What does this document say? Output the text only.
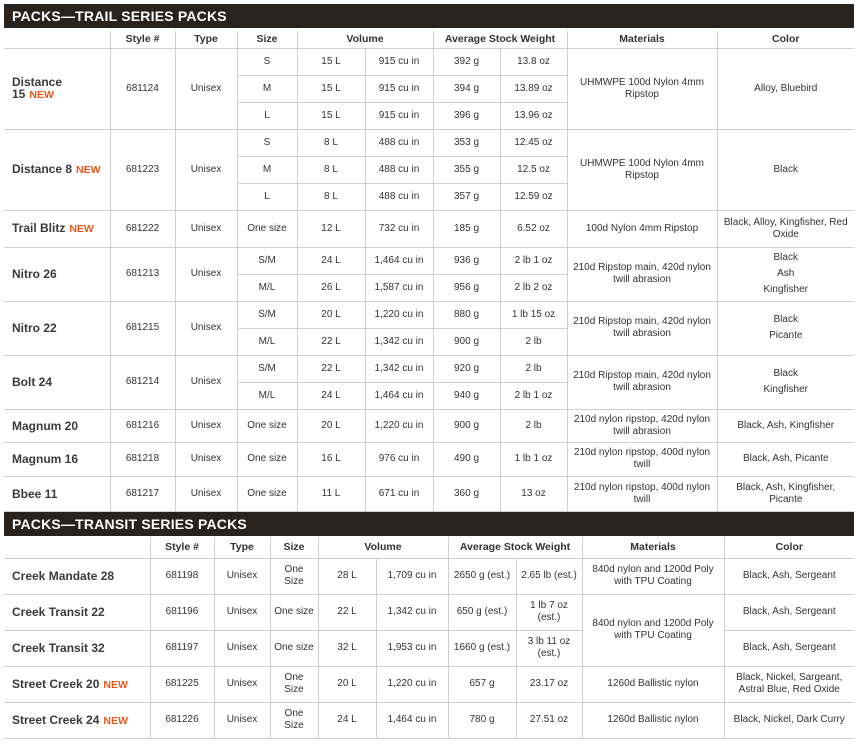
PACKS—TRAIL SERIES PACKS
	Style #	Type	Size	Volume		Average Stock Weight		Materials	Color
Distance 15 NEW	681124	Unisex	S	15 L	915 cu in	392 g	13.8 oz	UHMWPE 100d Nylon 4mm Ripstop	Alloy, Bluebird
			M	15 L	915 cu in	394 g	13.89 oz		
			L	15 L	915 cu in	396 g	13.96 oz		
Distance 8 NEW	681223	Unisex	S	8 L	488 cu in	353 g	12.45 oz	UHMWPE 100d Nylon 4mm Ripstop	Black
			M	8 L	488 cu in	355 g	12.5 oz		
			L	8 L	488 cu in	357 g	12.59 oz		
Trail Blitz NEW	681222	Unisex	One size	12 L	732 cu in	185 g	6.52 oz	100d Nylon 4mm Ripstop	Black, Alloy, Kingfisher, Red Oxide
Nitro 26	681213	Unisex	S/M	24 L	1,464 cu in	936 g	2 lb 1 oz	210d Ripstop main, 420d nylon twill abrasion	Black
Ash
Kingfisher

			M/L	26 L	1,587 cu in	956 g	2 lb 2 oz		
Nitro 22	681215	Unisex	S/M	20 L	1,220 cu in	880 g	1 lb 15 oz	210d Ripstop main, 420d nylon twill abrasion	Black
Picante

			M/L	22 L	1,342 cu in	900 g	2 lb		
Bolt 24	681214	Unisex	S/M	22 L	1,342 cu in	920 g	2 lb	210d Ripstop main, 420d nylon twill abrasion	Black
Kingfisher

			M/L	24 L	1,464 cu in	940 g	2 lb 1 oz		
Magnum 20	681216	Unisex	One size	20 L	1,220 cu in	900 g	2 lb	210d nylon ripstop, 420d nylon twill abrasion	Black, Ash, Kingfisher
Magnum 16	681218	Unisex	One size	16 L	976 cu in	490 g	1 lb 1 oz	210d nylon ripstop, 400d nylon twill	Black, Ash, Picante
Bbee 11	681217	Unisex	One size	11 L	671 cu in	360 g	13 oz	210d nylon ripstop, 400d nylon twill	Black, Ash, Kingfisher, Picante
PACKS—TRANSIT SERIES PACKS
	Style #	Type	Size	Volume		Average Stock Weight		Materials	Color
Creek Mandate 28	681198	Unisex	One Size	28 L	1,709 cu in	2650 g (est.)	2.65 lb (est.)	840d nylon and 1200d Poly with TPU Coating	Black, Ash, Sergeant
Creek Transit 22	681196	Unisex	One size	22 L	1,342 cu in	650 g (est.)	1 lb 7 oz (est.)	840d nylon and 1200d Poly with TPU Coating	Black, Ash, Sergeant
Creek Transit 32	681197	Unisex	One size	32 L	1,953 cu in	1660 g (est.)	3 lb 11 oz (est.)		Black, Ash, Sergeant
Street Creek 20 NEW	681225	Unisex	One Size	20 L	1,220 cu in	657 g	23.17 oz	1260d Ballistic nylon	Black, Nickel, Sargeant, Astral Blue, Red Oxide
Street Creek 24 NEW	681226	Unisex	One Size	24 L	1,464 cu in	780 g	27.51 oz	1260d Ballistic nylon	Black, Nickel, Dark Curry
